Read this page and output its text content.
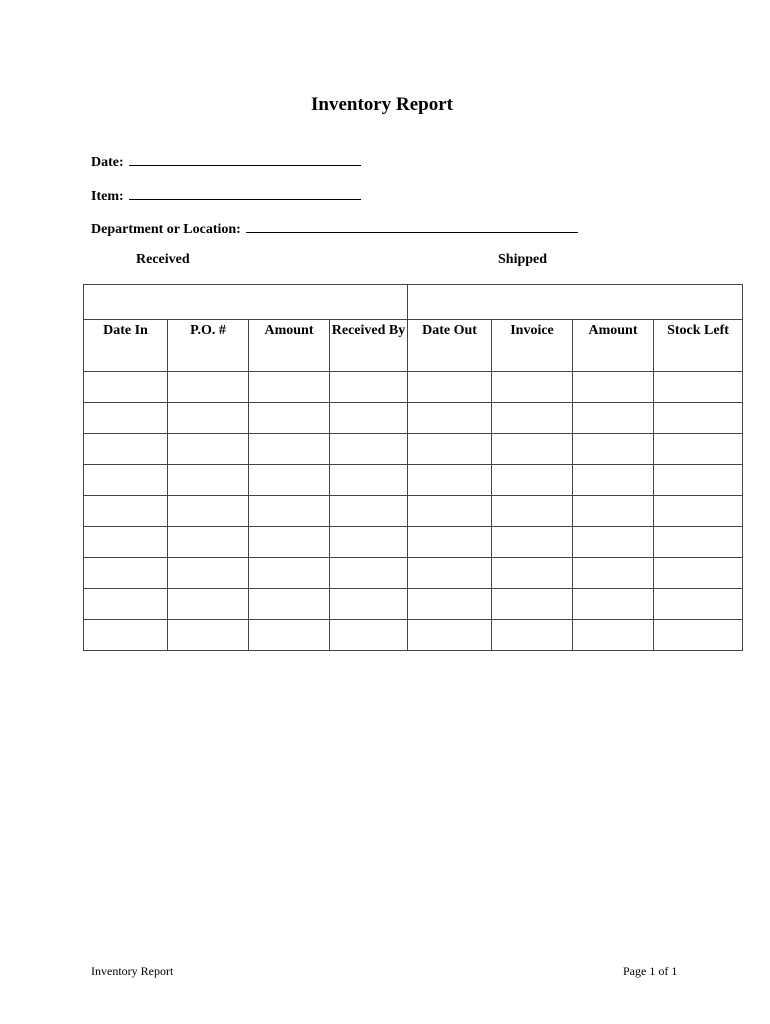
Inventory Report
Date:
Item:
Department or Location:
Received	Shipped

Date In	P.O. #	Amount	Received By	Date Out	Invoice	Amount	Stock Left

Inventory Report	Page 1 of 1
